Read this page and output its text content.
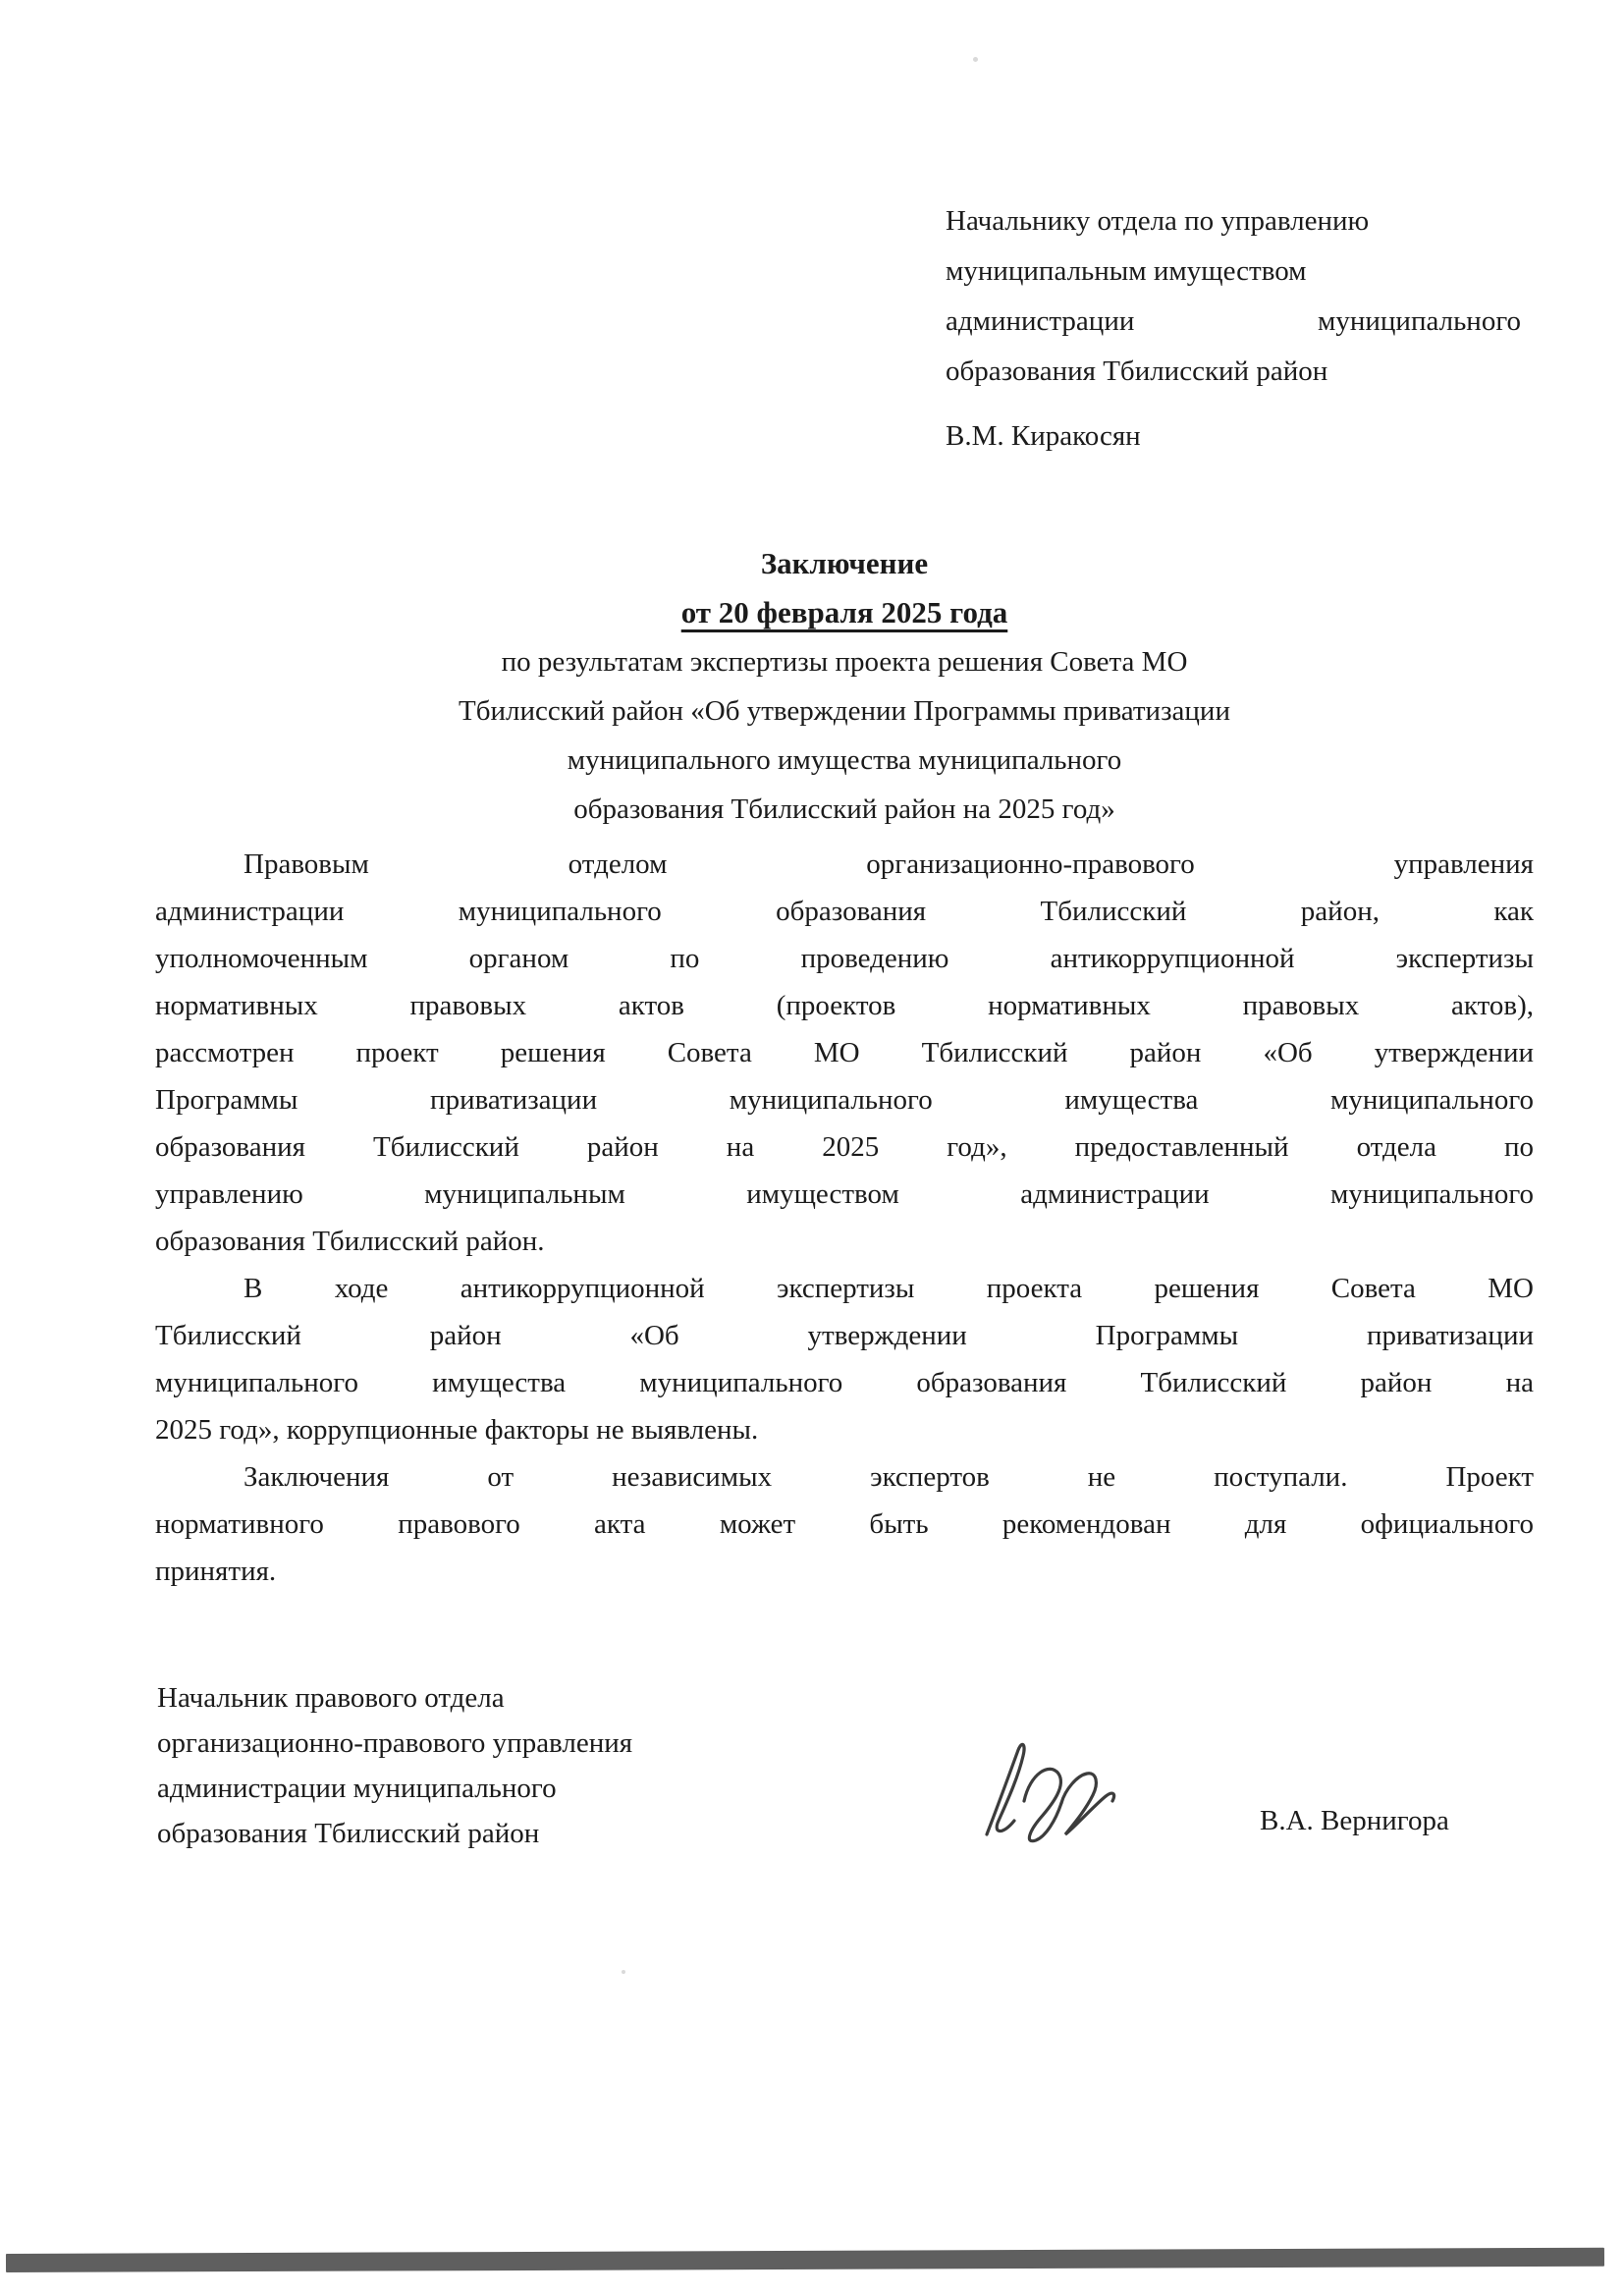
Начальнику отдела по управлению
муниципальным имуществом
администрации муниципального
образования Тбилисский район
В.М. Киракосян
Заключение
от 20 февраля 2025 года
по результатам экспертизы проекта решения Совета МО
Тбилисский район «Об утверждении Программы приватизации
муниципального имущества муниципального
образования Тбилисский район на 2025 год»
Правовым отделом организационно-правового управления
администрации муниципального образования Тбилисский район, как
уполномоченным органом по проведению антикоррупционной экспертизы
нормативных правовых актов (проектов нормативных правовых актов),
рассмотрен проект решения Совета МО Тбилисский район «Об утверждении
Программы приватизации муниципального имущества муниципального
образования Тбилисский район на 2025 год», предоставленный отдела по
управлению муниципальным имуществом администрации муниципального
образования Тбилисский район.
В ходе антикоррупционной экспертизы проекта решения Совета МО
Тбилисский район «Об утверждении Программы приватизации
муниципального имущества муниципального образования Тбилисский район на
2025 год», коррупционные факторы не выявлены.
Заключения от независимых экспертов не поступали. Проект
нормативного правового акта может быть рекомендован для официального
принятия.
Начальник правового отдела
организационно-правового управления
администрации муниципального
образования Тбилисский район	В.А. Вернигора
